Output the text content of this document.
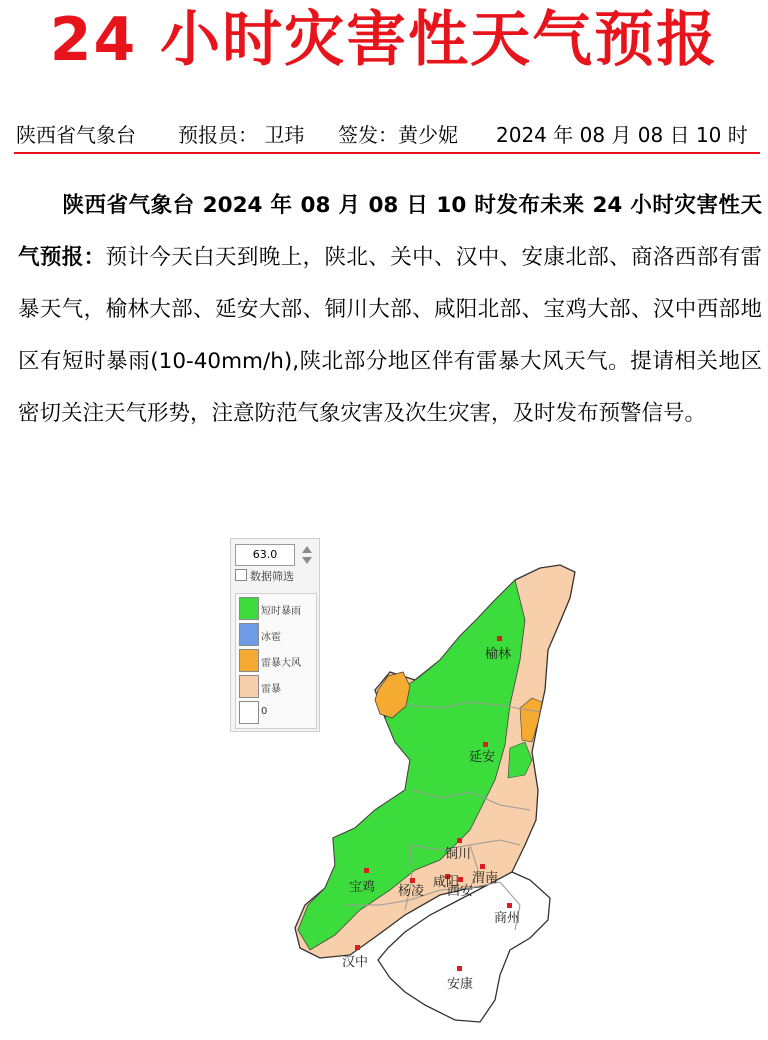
24 小时灾害性天气预报
陕西省气象台 预报员： 卫玮 签发：黄少妮 2024 年 08 月 08 日 10 时
陕西省气象台 2024 年 08 月 08 日 10 时发布未来 24 小时灾害性天气预报：预计今天白天到晚上，陕北、关中、汉中、安康北部、商洛西部有雷暴天气，榆林大部、延安大部、铜川大部、咸阳北部、宝鸡大部、汉中西部地区有短时暴雨(10-40mm/h),陕北部分地区伴有雷暴大风天气。提请相关地区密切关注天气形势，注意防范气象灾害及次生灾害，及时发布预警信号。
63.0
数据筛选
短时暴雨
冰雹
雷暴大风
雷暴
0
榆林
延安
铜川
宝鸡 杨凌
咸阳
西安
渭南
商州
汉中
安康
